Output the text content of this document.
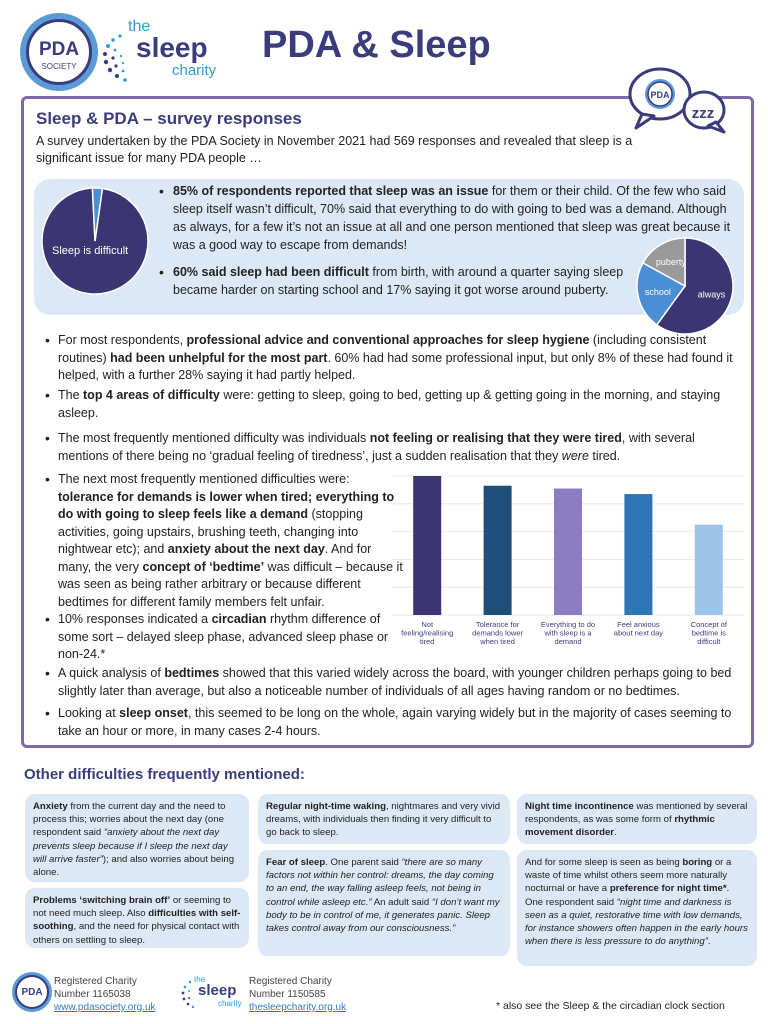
PDA
SOCIETY
the
sleep
charity
PDA & Sleep
PDA
zzz
Sleep & PDA – survey responses
A survey undertaken by the PDA Society in November 2021 had 569 responses and revealed that sleep is a significant issue for many PDA people …
Sleep is difficult
• 85% of respondents reported that sleep was an issue for them or their child. Of the few who said sleep itself wasn’t difficult, 70% said that everything to do with going to bed was a demand. Although as always, for a few it’s not an issue at all and one person mentioned that sleep was great because it was a good way to escape from demands!
• 60% said sleep had been difficult from birth, with around a quarter saying sleep became harder on starting school and 17% saying it got worse around puberty.	always
school
puberty
• For most respondents, professional advice and conventional approaches for sleep hygiene (including consistent routines) had been unhelpful for the most part. 60% had had some professional input, but only 8% of these had found it helped, with a further 28% saying it had partly helped.
• The top 4 areas of difficulty were: getting to sleep, going to bed, getting up & getting going in the morning, and staying asleep.
• The most frequently mentioned difficulty was individuals not feeling or realising that they were tired, with several mentions of there being no ‘gradual feeling of tiredness’, just a sudden realisation that they were tired.
• The next most frequently mentioned difficulties were: tolerance for demands is lower when tired; everything to do with going to sleep feels like a demand (stopping activities, going upstairs, brushing teeth, changing into nightwear etc); and anxiety about the next day. And for many, the very concept of ‘bedtime’ was difficult – because it was seen as being rather arbitrary or because different bedtimes for different family members felt unfair.
• 10% responses indicated a circadian rhythm difference of some sort – delayed sleep phase, advanced sleep phase or non-24.*
• A quick analysis of bedtimes showed that this varied widely across the board, with younger children perhaps going to bed slightly later than average, but also a noticeable number of individuals of all ages having random or no bedtimes.
• Looking at sleep onset, this seemed to be long on the whole, again varying widely but in the majority of cases seeming to take an hour or more, in many cases 2-4 hours.
Not
feeling/realising
tired
Tolerance for
demands lower
when tired
Everything to do
with sleep is a
demand
Feel anxious
about next day
Concept of
bedtime is
difficult
Other difficulties frequently mentioned:
Anxiety from the current day and the need to process this; worries about the next day (one respondent said “anxiety about the next day prevents sleep because if I sleep the next day will arrive faster”); and also worries about being alone.
Problems ‘switching brain off’ or seeming to not need much sleep. Also difficulties with self-soothing, and the need for physical contact with others on settling to sleep.
Regular night-time waking, nightmares and very vivid dreams, with individuals then finding it very difficult to go back to sleep.
Fear of sleep. One parent said “there are so many factors not within her control: dreams, the day coming to an end, the way falling asleep feels, not being in control while asleep etc.” An adult said “I don’t want my body to be in control of me, it generates panic. Sleep takes control away from our consciousness.”
Night time incontinence was mentioned by several respondents, as was some form of rhythmic movement disorder.
And for some sleep is seen as being boring or a waste of time whilst others seem more naturally nocturnal or have a preference for night time*. One respondent said “night time and darkness is seen as a quiet, restorative time with low demands, for instance showers often happen in the early hours when there is less pressure to do anything”.
PDA
Registered Charity
Number 1165038
www.pdasociety.org.uk
the
sleep
charity
Registered Charity
Number 1150585
thesleepcharity.org.uk	* also see the Sleep & the circadian clock section
